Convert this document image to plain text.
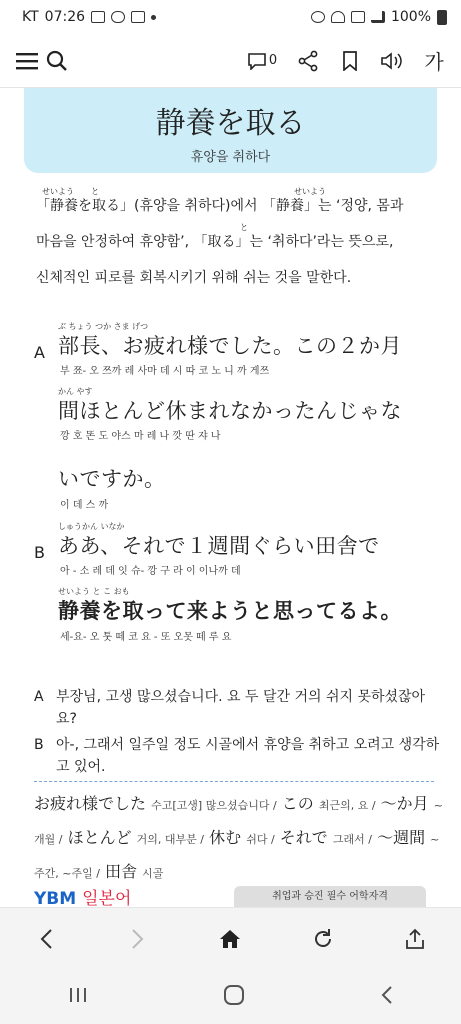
KT 07:26	100%
0	가
静養を取る
휴양을 취하다
せいよう と	せいよう
「静養を取る」(휴양을 취하다)에서 「静養」는 ‘정양, 몸과
と
마음을 안정하여 휴양함’, 「取る」는 ‘취하다’라는 뜻으로,
신체적인 피로를 회복시키기 위해 쉬는 것을 말한다.
A
ぶ ちょう つか さま げつ
部長、お疲れ様でした。この２か月
부 쬬- 오 쯔까 레 사마 데 시 따 코 노 니 까 게쯔
かん やす
間ほとんど休まれなかったんじゃな
깡 호 똔 도 야스 마 레 나 깟 딴 쟈 나
いですか。
이 데 스 까
B
しゅうかん いなか
ああ、それで１週間ぐらい田舎で
아 - 소 레 데 잇 슈- 깡 구 라 이 이나까 데
せいよう と こ おも
静養を取って来ようと思ってるよ。
세-요- 오 툿 떼 코 요 - 또 오못 떼 루 요
A 부장님, 고생 많으셨습니다. 요 두 달간 거의 쉬지 못하셨잖아요?
B 아-, 그래서 일주일 정도 시골에서 휴양을 취하고 오려고 생각하고 있어.
お疲れ様でした 수고[고생] 많으셨습니다 / この 최근의, 요 / ～か月 ~개월 / ほとんど 거의, 대부분 / 休む 쉬다 / それで 그래서 / ～週間 ~주간, ~주일 / 田舎 시골
YBM 일본어	취업과 승진 필수 어학자격
